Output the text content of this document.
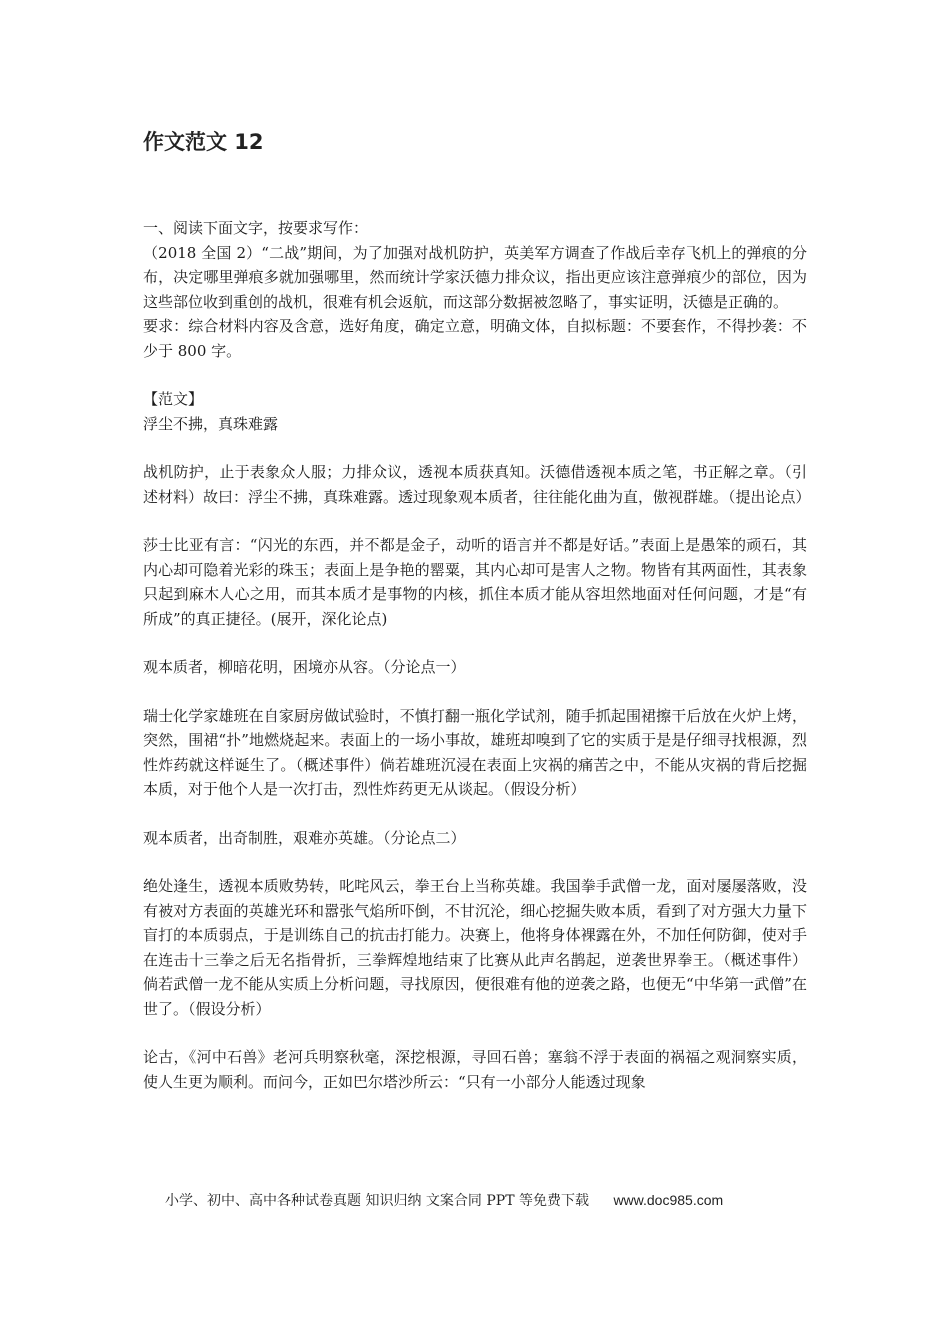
作文范文 12

一、阅读下面文字，按要求写作：

（2018 全国 2）“二战”期间，为了加强对战机防护，英美军方调查了作战后幸存飞机上的弹痕的分布，决定哪里弹痕多就加强哪里，然而统计学家沃德力排众议，指出更应该注意弹痕少的部位，因为这些部位收到重创的战机，很难有机会返航，而这部分数据被忽略了，事实证明，沃德是正确的。

要求：综合材料内容及含意，选好角度，确定立意，明确文体，自拟标题：不要套作，不得抄袭：不少于 800 字。

【范文】

浮尘不拂，真珠难露

战机防护，止于表象众人服；力排众议，透视本质获真知。沃德借透视本质之笔，书正解之章。（引述材料）故曰：浮尘不拂，真珠难露。透过现象观本质者，往往能化曲为直，傲视群雄。（提出论点）

莎士比亚有言：“闪光的东西，并不都是金子，动听的语言并不都是好话。”表面上是愚笨的顽石，其内心却可隐着光彩的珠玉；表面上是争艳的罂粟，其内心却可是害人之物。物皆有其两面性，其表象只起到麻木人心之用，而其本质才是事物的内核，抓住本质才能从容坦然地面对任何问题，才是“有所成”的真正捷径。(展开，深化论点)

观本质者，柳暗花明，困境亦从容。（分论点一）

瑞士化学家雄班在自家厨房做试验时，不慎打翻一瓶化学试剂，随手抓起围裙擦干后放在火炉上烤，突然，围裙“扑”地燃烧起来。表面上的一场小事故，雄班却嗅到了它的实质于是是仔细寻找根源，烈性炸药就这样诞生了。（概述事件）倘若雄班沉浸在表面上灾祸的痛苦之中，不能从灾祸的背后挖掘本质，对于他个人是一次打击，烈性炸药更无从谈起。（假设分析）

观本质者，出奇制胜，艰难亦英雄。（分论点二）

绝处逢生，透视本质败势转，叱咤风云，拳王台上当称英雄。我国拳手武僧一龙，面对屡屡落败，没有被对方表面的英雄光环和嚣张气焰所吓倒，不甘沉沦，细心挖掘失败本质，看到了对方强大力量下盲打的本质弱点，于是训练自己的抗击打能力。决赛上，他将身体裸露在外，不加任何防御，使对手在连击十三拳之后无名指骨折，三拳辉煌地结束了比赛从此声名鹊起，逆袭世界拳王。（概述事件）倘若武僧一龙不能从实质上分析问题，寻找原因，便很难有他的逆袭之路，也便无“中华第一武僧”在世了。（假设分析）

论古，《河中石兽》老河兵明察秋毫，深挖根源，寻回石兽；塞翁不浮于表面的祸福之观洞察实质，使人生更为顺利。而问今，正如巴尔塔沙所云：“只有一小部分人能透过现象

小学、初中、高中各种试卷真题 知识归纳 文案合同 PPT 等免费下载 www.doc985.com
